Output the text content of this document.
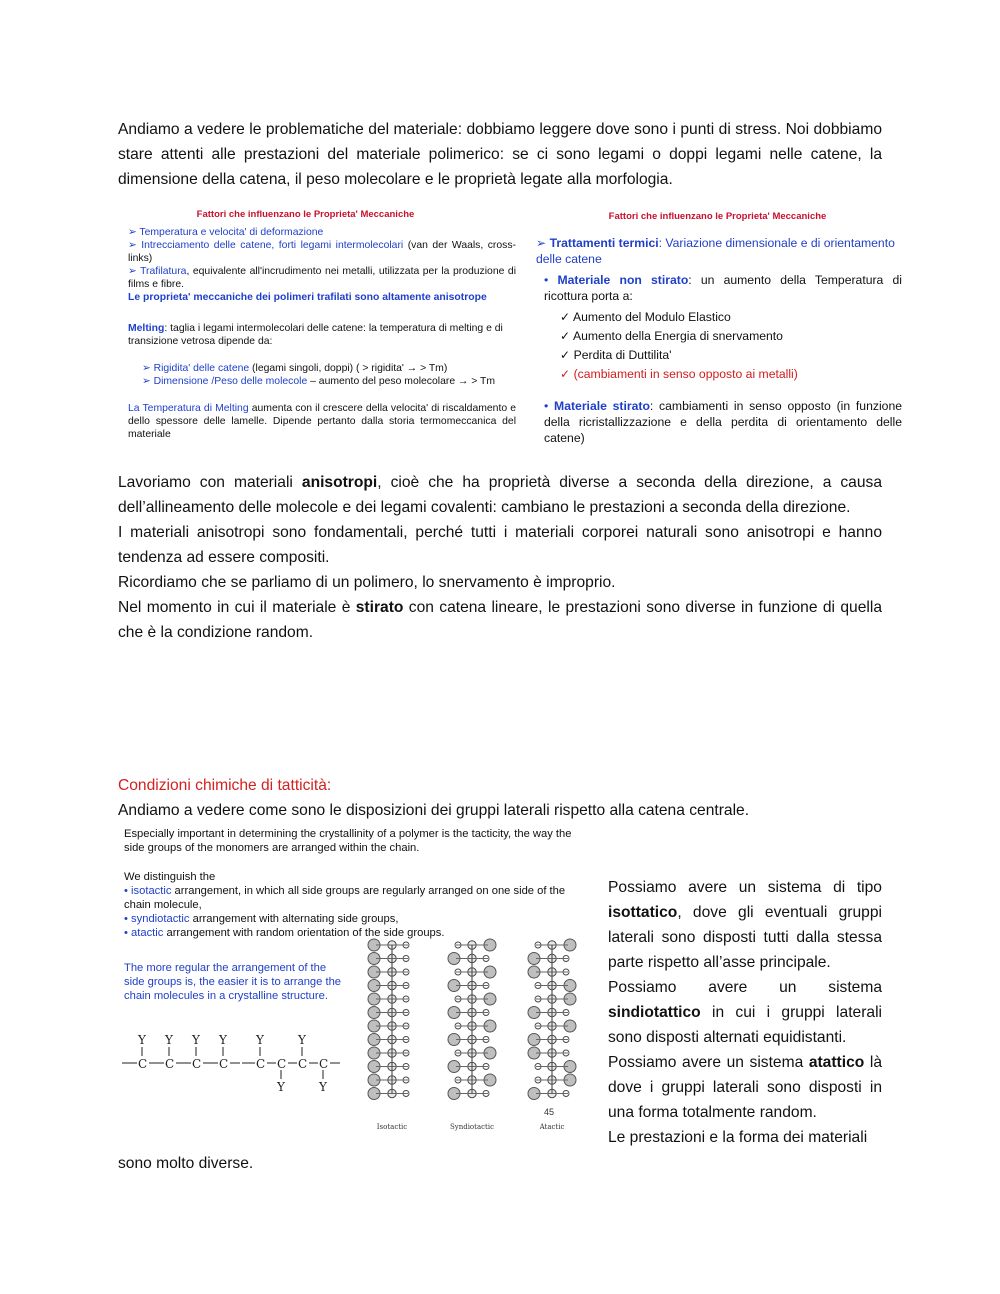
Andiamo a vedere le problematiche del materiale: dobbiamo leggere dove sono i punti di stress. Noi dobbiamo stare attenti alle prestazioni del materiale polimerico: se ci sono legami o doppi legami nelle catene, la dimensione della catena, il peso molecolare e le proprietà legate alla morfologia.
Fattori che influenzano le Proprieta' Meccaniche
➢ Temperatura e velocita' di deformazione
➢ Intrecciamento delle catene, forti legami intermolecolari (van der Waals, cross-links)
➢ Trafilatura, equivalente all'incrudimento nei metalli, utilizzata per la produzione di films e fibre.
Le proprieta' meccaniche dei polimeri trafilati sono altamente anisotrope
Melting: taglia i legami intermolecolari delle catene: la temperatura di melting e di transizione vetrosa dipende da:
➢ Rigidita' delle catene (legami singoli, doppi) ( > rigidita' → > Tm)
➢ Dimensione /Peso delle molecole – aumento del peso molecolare → > Tm
La Temperatura di Melting aumenta con il crescere della velocita' di riscaldamento e dello spessore delle lamelle. Dipende pertanto dalla storia termomeccanica del materiale
Fattori che influenzano le Proprieta' Meccaniche
➢ Trattamenti termici: Variazione dimensionale e di orientamento delle catene
• Materiale non stirato: un aumento della Temperatura di ricottura porta a:
✓ Aumento del Modulo Elastico
✓ Aumento della Energia di snervamento
✓ Perdita di Duttilita'
✓ (cambiamenti in senso opposto ai metalli)
• Materiale stirato: cambiamenti in senso opposto (in funzione della ricristallizzazione e della perdita di orientamento delle catene)
Lavoriamo con materiali anisotropi, cioè che ha proprietà diverse a seconda della direzione, a causa dell’allineamento delle molecole e dei legami covalenti: cambiano le prestazioni a seconda della direzione.
I materiali anisotropi sono fondamentali, perché tutti i materiali corporei naturali sono anisotropi e hanno tendenza ad essere compositi.
Ricordiamo che se parliamo di un polimero, lo snervamento è improprio.
Nel momento in cui il materiale è stirato con catena lineare, le prestazioni sono diverse in funzione di quella che è la condizione random.
Condizioni chimiche di tatticità:
Andiamo a vedere come sono le disposizioni dei gruppi laterali rispetto alla catena centrale.
Especially important in determining the crystallinity of a polymer is the tacticity, the way the side groups of the monomers are arranged within the chain.
We distinguish the
• isotactic arrangement, in which all side groups are regularly arranged on one side of the chain molecule,
• syndiotactic arrangement with alternating side groups,
• atactic arrangement with random orientation of the side groups.
The more regular the arrangement of the side groups is, the easier it is to arrange the chain molecules in a crystalline structure.
Y Y Y Y
C C C C
Y	Y
C C C C
Y	Y
Isotactic	Syndiotactic	Atactic
45
Possiamo avere un sistema di tipo isottatico, dove gli eventuali gruppi laterali sono disposti tutti dalla stessa parte rispetto all’asse principale.
Possiamo avere un sistema sindiotattico in cui i gruppi laterali sono disposti alternati equidistanti.
Possiamo avere un sistema atattico là dove i gruppi laterali sono disposti in una forma totalmente random.
Le prestazioni e la forma dei materiali
sono molto diverse.
